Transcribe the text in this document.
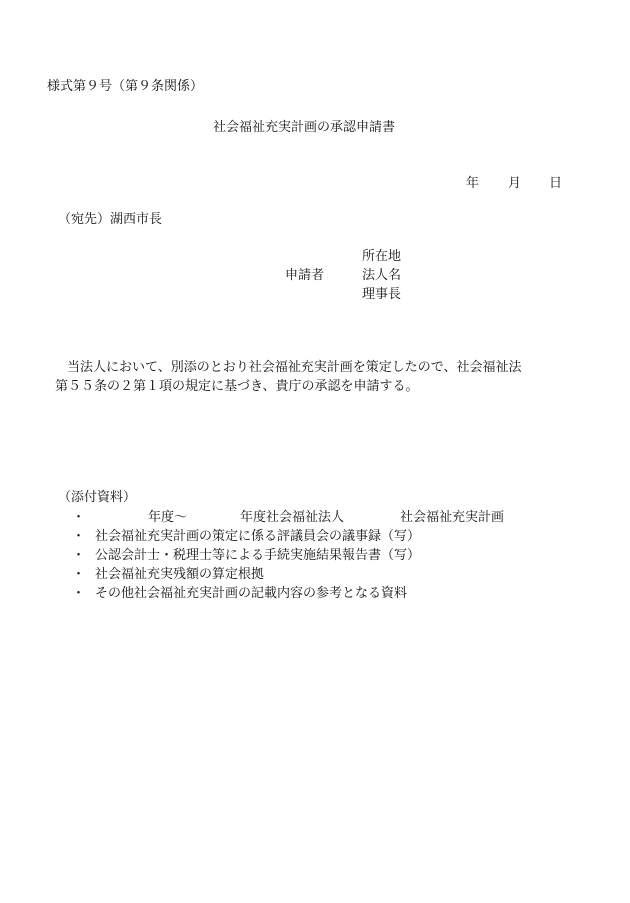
様式第９号（第９条関係）
社会福祉充実計画の承認申請書
年 月 日
（宛先）湖西市長
申請者
所在地
法人名
理事長
当法人において、別添のとおり社会福祉充実計画を策定したので、社会福祉法
第５５条の２第１項の規定に基づき、貴庁の承認を申請する。
（添付資料）
・	年度～	年度社会福祉法人	社会福祉充実計画
・ 社会福祉充実計画の策定に係る評議員会の議事録（写）
・ 公認会計士・税理士等による手続実施結果報告書（写）
・ 社会福祉充実残額の算定根拠
・ その他社会福祉充実計画の記載内容の参考となる資料
